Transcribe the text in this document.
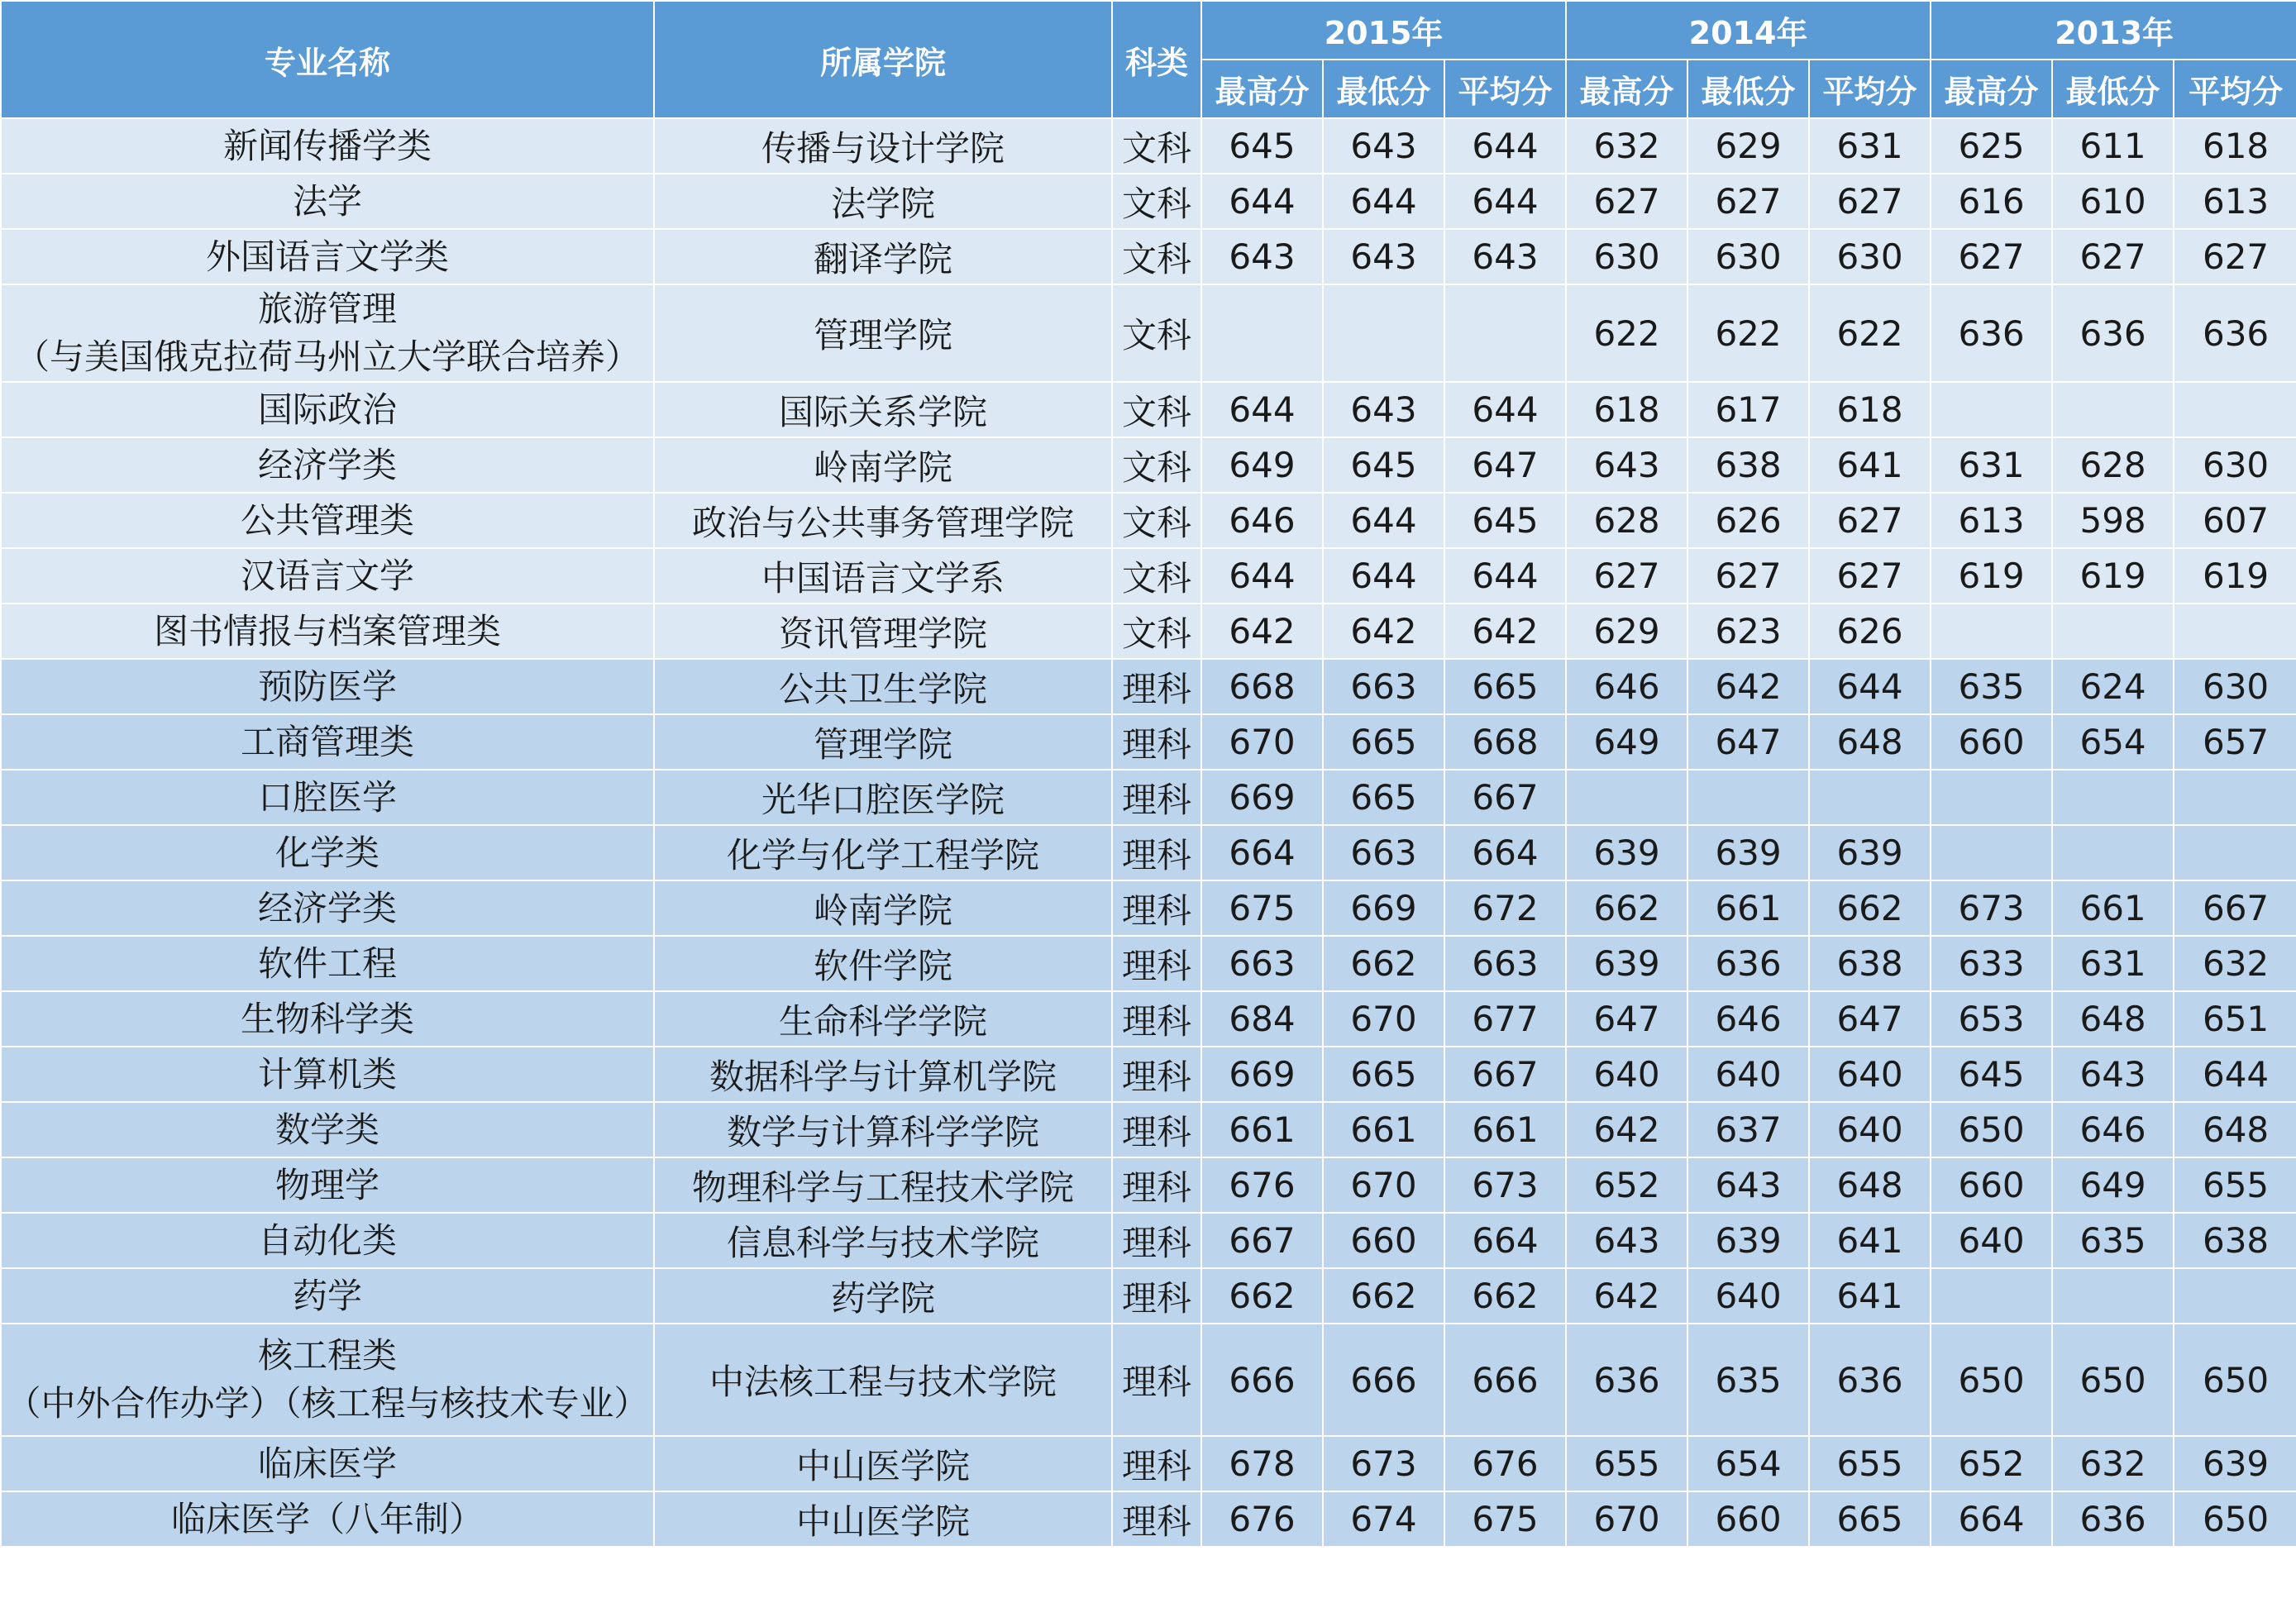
专业名称	所属学院	科类	2015年			2014年			2013年		
			最高分	最低分	平均分	最高分	最低分	平均分	最高分	最低分	平均分

新闻传播学类	传播与设计学院	文科	645	643	644	632	629	631	625	611	618

法学	法学院	文科	644	644	644	627	627	627	616	610	613

外国语言文学类	翻译学院	文科	643	643	643	630	630	630	627	627	627

旅游管理
（与美国俄克拉荷马州立大学联合培养）	管理学院	文科				622	622	622	636	636	636

国际政治	国际关系学院	文科	644	643	644	618	617	618			

经济学类	岭南学院	文科	649	645	647	643	638	641	631	628	630

公共管理类	政治与公共事务管理学院	文科	646	644	645	628	626	627	613	598	607

汉语言文学	中国语言文学系	文科	644	644	644	627	627	627	619	619	619

图书情报与档案管理类	资讯管理学院	文科	642	642	642	629	623	626			

预防医学	公共卫生学院	理科	668	663	665	646	642	644	635	624	630

工商管理类	管理学院	理科	670	665	668	649	647	648	660	654	657

口腔医学	光华口腔医学院	理科	669	665	667						

化学类	化学与化学工程学院	理科	664	663	664	639	639	639			

经济学类	岭南学院	理科	675	669	672	662	661	662	673	661	667

软件工程	软件学院	理科	663	662	663	639	636	638	633	631	632

生物科学类	生命科学学院	理科	684	670	677	647	646	647	653	648	651

计算机类	数据科学与计算机学院	理科	669	665	667	640	640	640	645	643	644

数学类	数学与计算科学学院	理科	661	661	661	642	637	640	650	646	648

物理学	物理科学与工程技术学院	理科	676	670	673	652	643	648	660	649	655

自动化类	信息科学与技术学院	理科	667	660	664	643	639	641	640	635	638

药学	药学院	理科	662	662	662	642	640	641			

核工程类
（中外合作办学）（核工程与核技术专业）	中法核工程与技术学院	理科	666	666	666	636	635	636	650	650	650

临床医学	中山医学院	理科	678	673	676	655	654	655	652	632	639

临床医学（八年制）	中山医学院	理科	676	674	675	670	660	665	664	636	650
